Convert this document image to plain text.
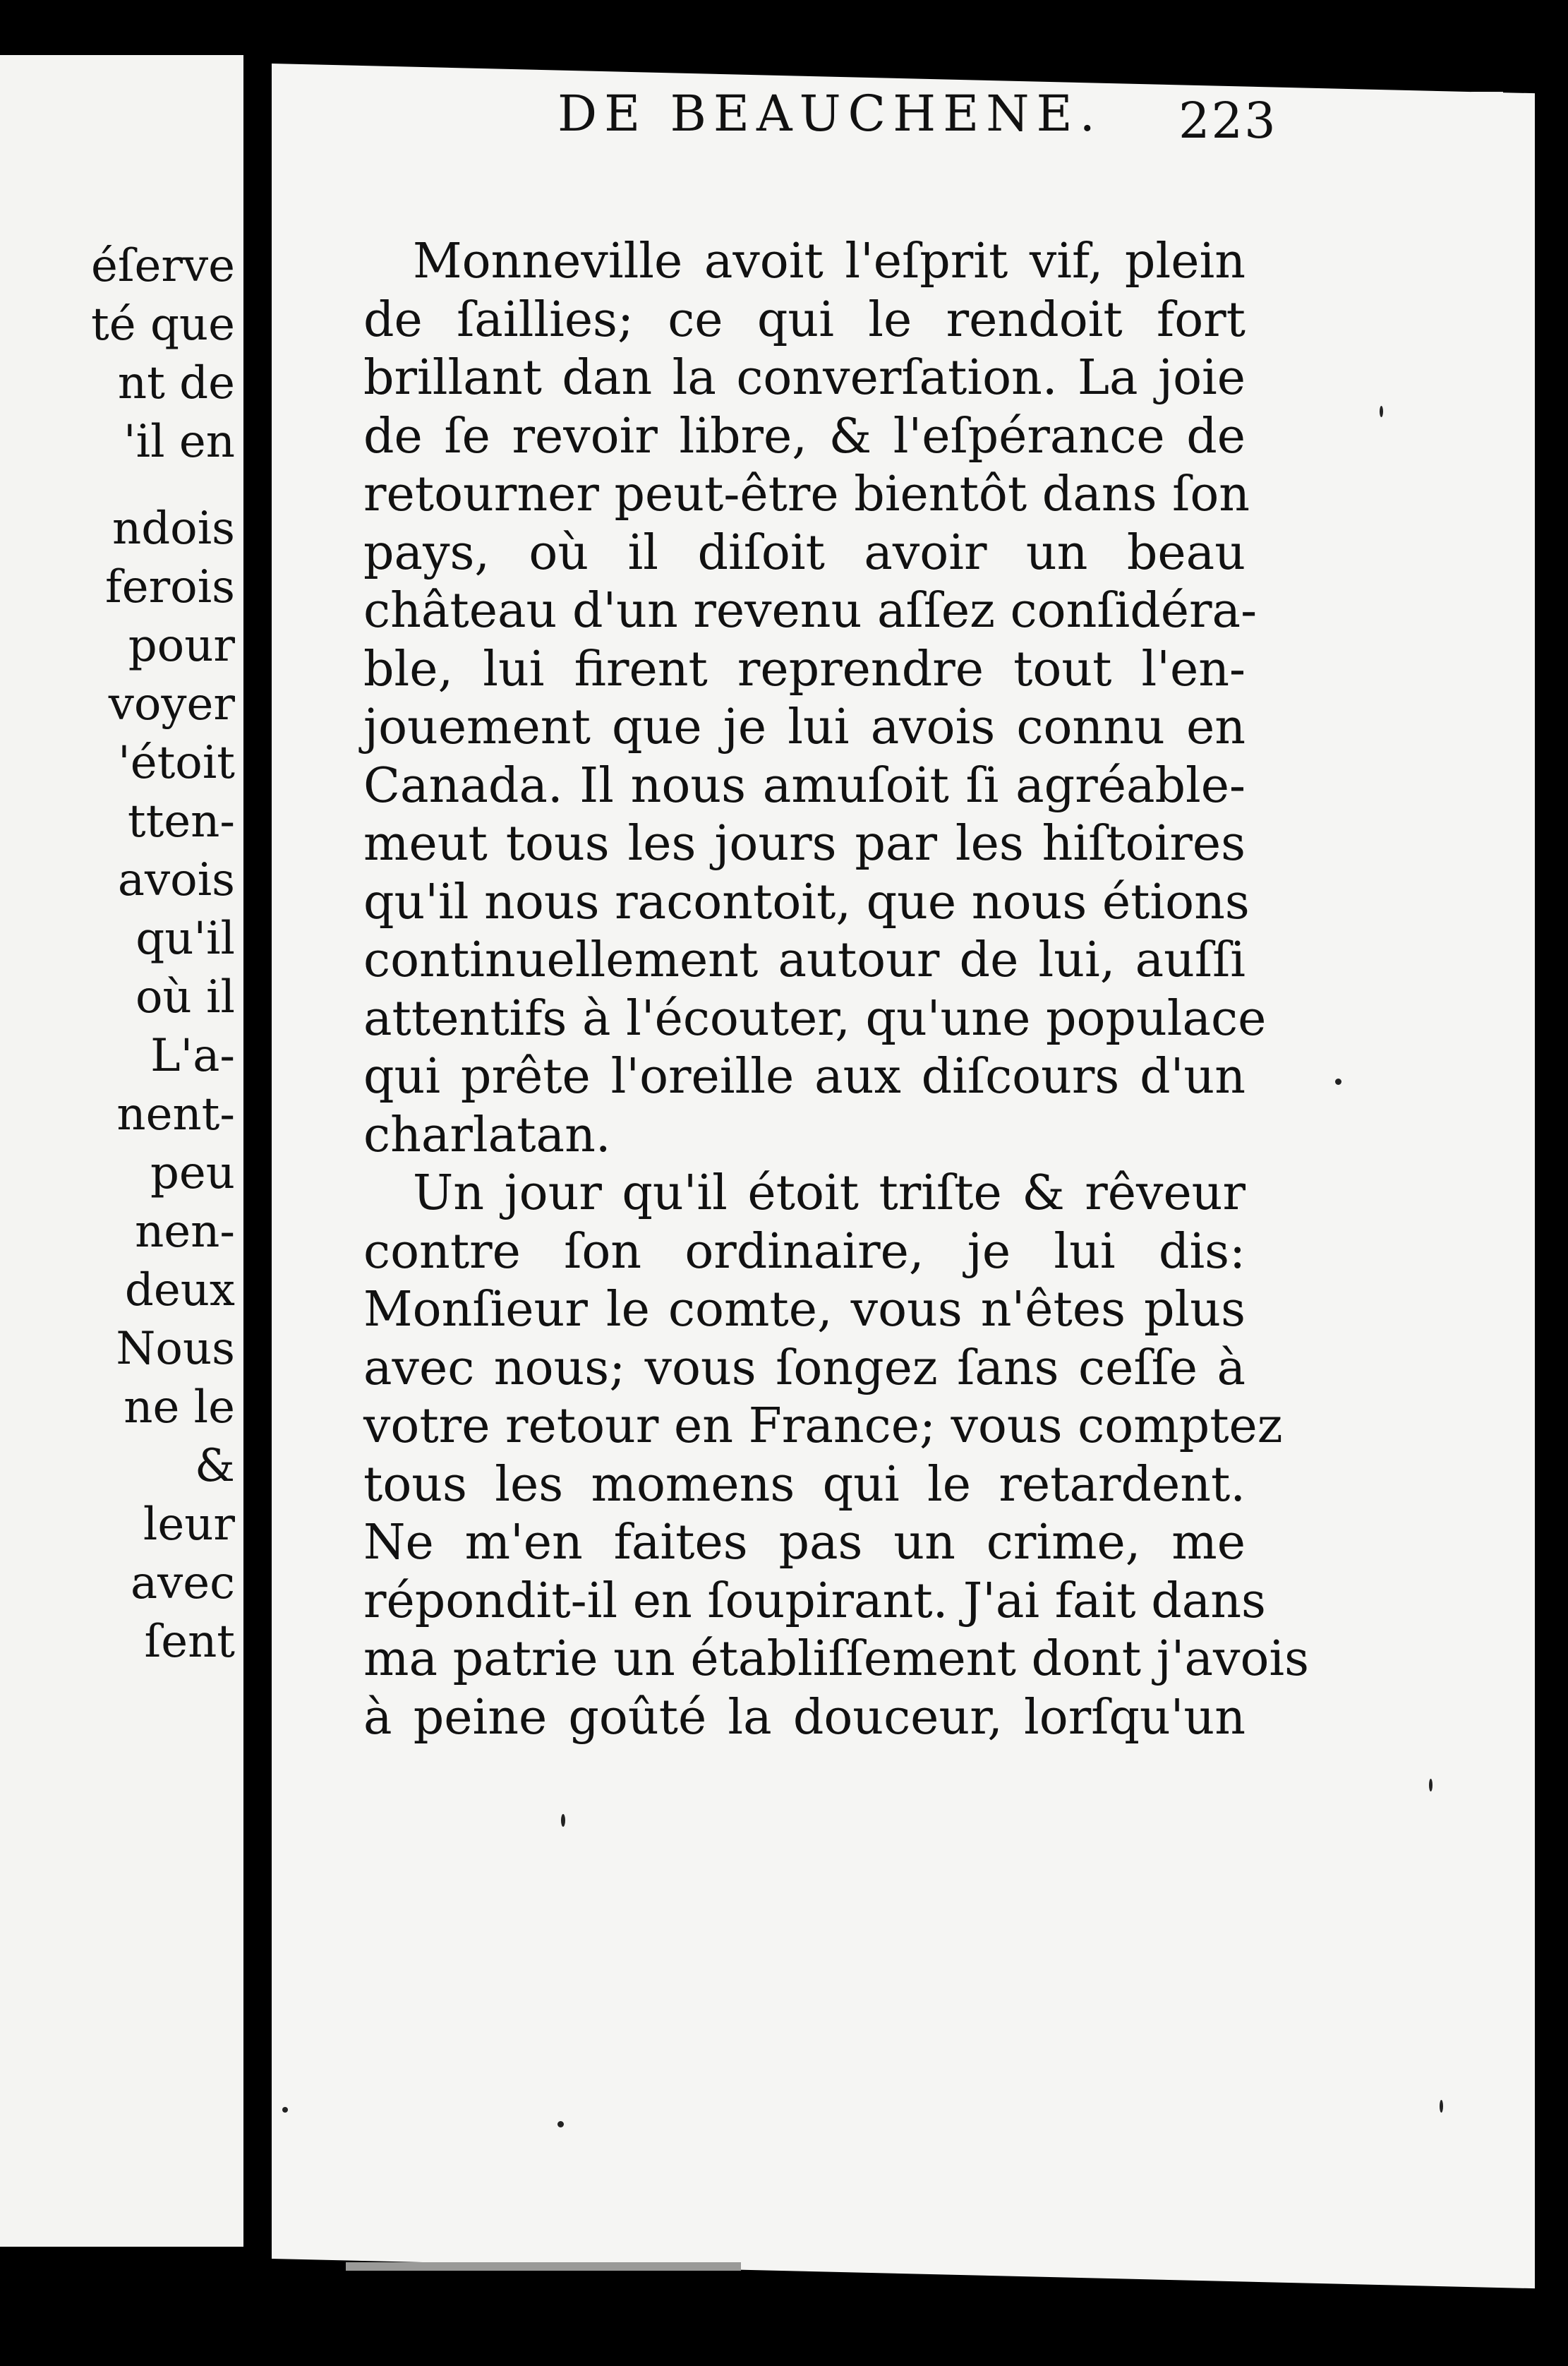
éſerve
té que
nt de
'il en
ndois
ferois
pour
voyer
'étoit
tten-
avois
qu'il
où il
L'a-
nent-
peu
nen-
deux
Nous
ne le
&
leur
avec
ſent
DE BEAUCHENE. 223
Monneville avoit l'eſprit vif, plein
de ſaillies; ce qui le rendoit fort
brillant dan la converſation. La joie
de ſe revoir libre, & l'eſpérance de
retourner peut-être bientôt dans ſon
pays, où il diſoit avoir un beau
château d'un revenu aſſez conſidéra-
ble, lui firent reprendre tout l'en-
jouement que je lui avois connu en
Canada. Il nous amuſoit ſi agréable-
meut tous les jours par les hiſtoires
qu'il nous racontoit, que nous étions
continuellement autour de lui, auſſi
attentifs à l'écouter, qu'une populace
qui prête l'oreille aux diſcours d'un
charlatan.
Un jour qu'il étoit triſte & rêveur
contre ſon ordinaire, je lui dis:
Monſieur le comte, vous n'êtes plus
avec nous; vous ſongez ſans ceſſe à
votre retour en France; vous comptez
tous les momens qui le retardent.
Ne m'en faites pas un crime, me
répondit-il en ſoupirant. J'ai fait dans
ma patrie un établiſſement dont j'avois
à peine goûté la douceur, lorſqu'un
